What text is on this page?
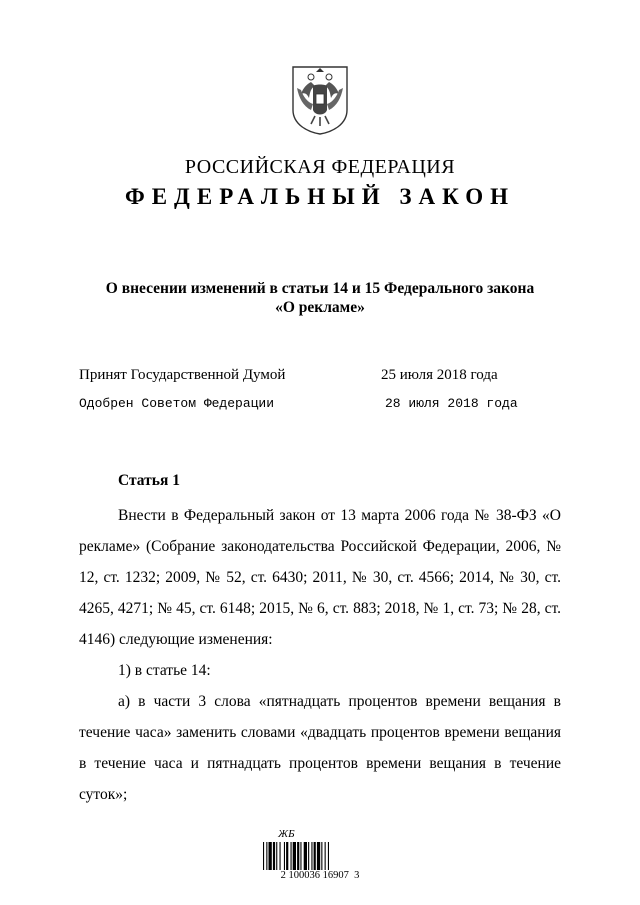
РОССИЙСКАЯ ФЕДЕРАЦИЯ
ФЕДЕРАЛЬНЫЙ ЗАКОН
О внесении изменений в статьи 14 и 15 Федерального закона
«О рекламе»
Принят Государственной Думой	25 июля 2018 года
Одобрен Советом Федерации	28 июля 2018 года
Статья 1

Внести в Федеральный закон от 13 марта 2006 года № 38-ФЗ «О рекламе» (Собрание законодательства Российской Федерации, 2006, № 12, ст. 1232; 2009, № 52, ст. 6430; 2011, № 30, ст. 4566; 2014, № 30, ст. 4265, 4271; № 45, ст. 6148; 2015, № 6, ст. 883; 2018, № 1, ст. 73; № 28, ст. 4146) следующие изменения:

1) в статье 14:

а) в части 3 слова «пятнадцать процентов времени вещания в течение часа» заменить словами «двадцать процентов времени вещания в течение часа и пятнадцать процентов времени вещания в течение суток»;

ЖБ
2 100036 16907  3
